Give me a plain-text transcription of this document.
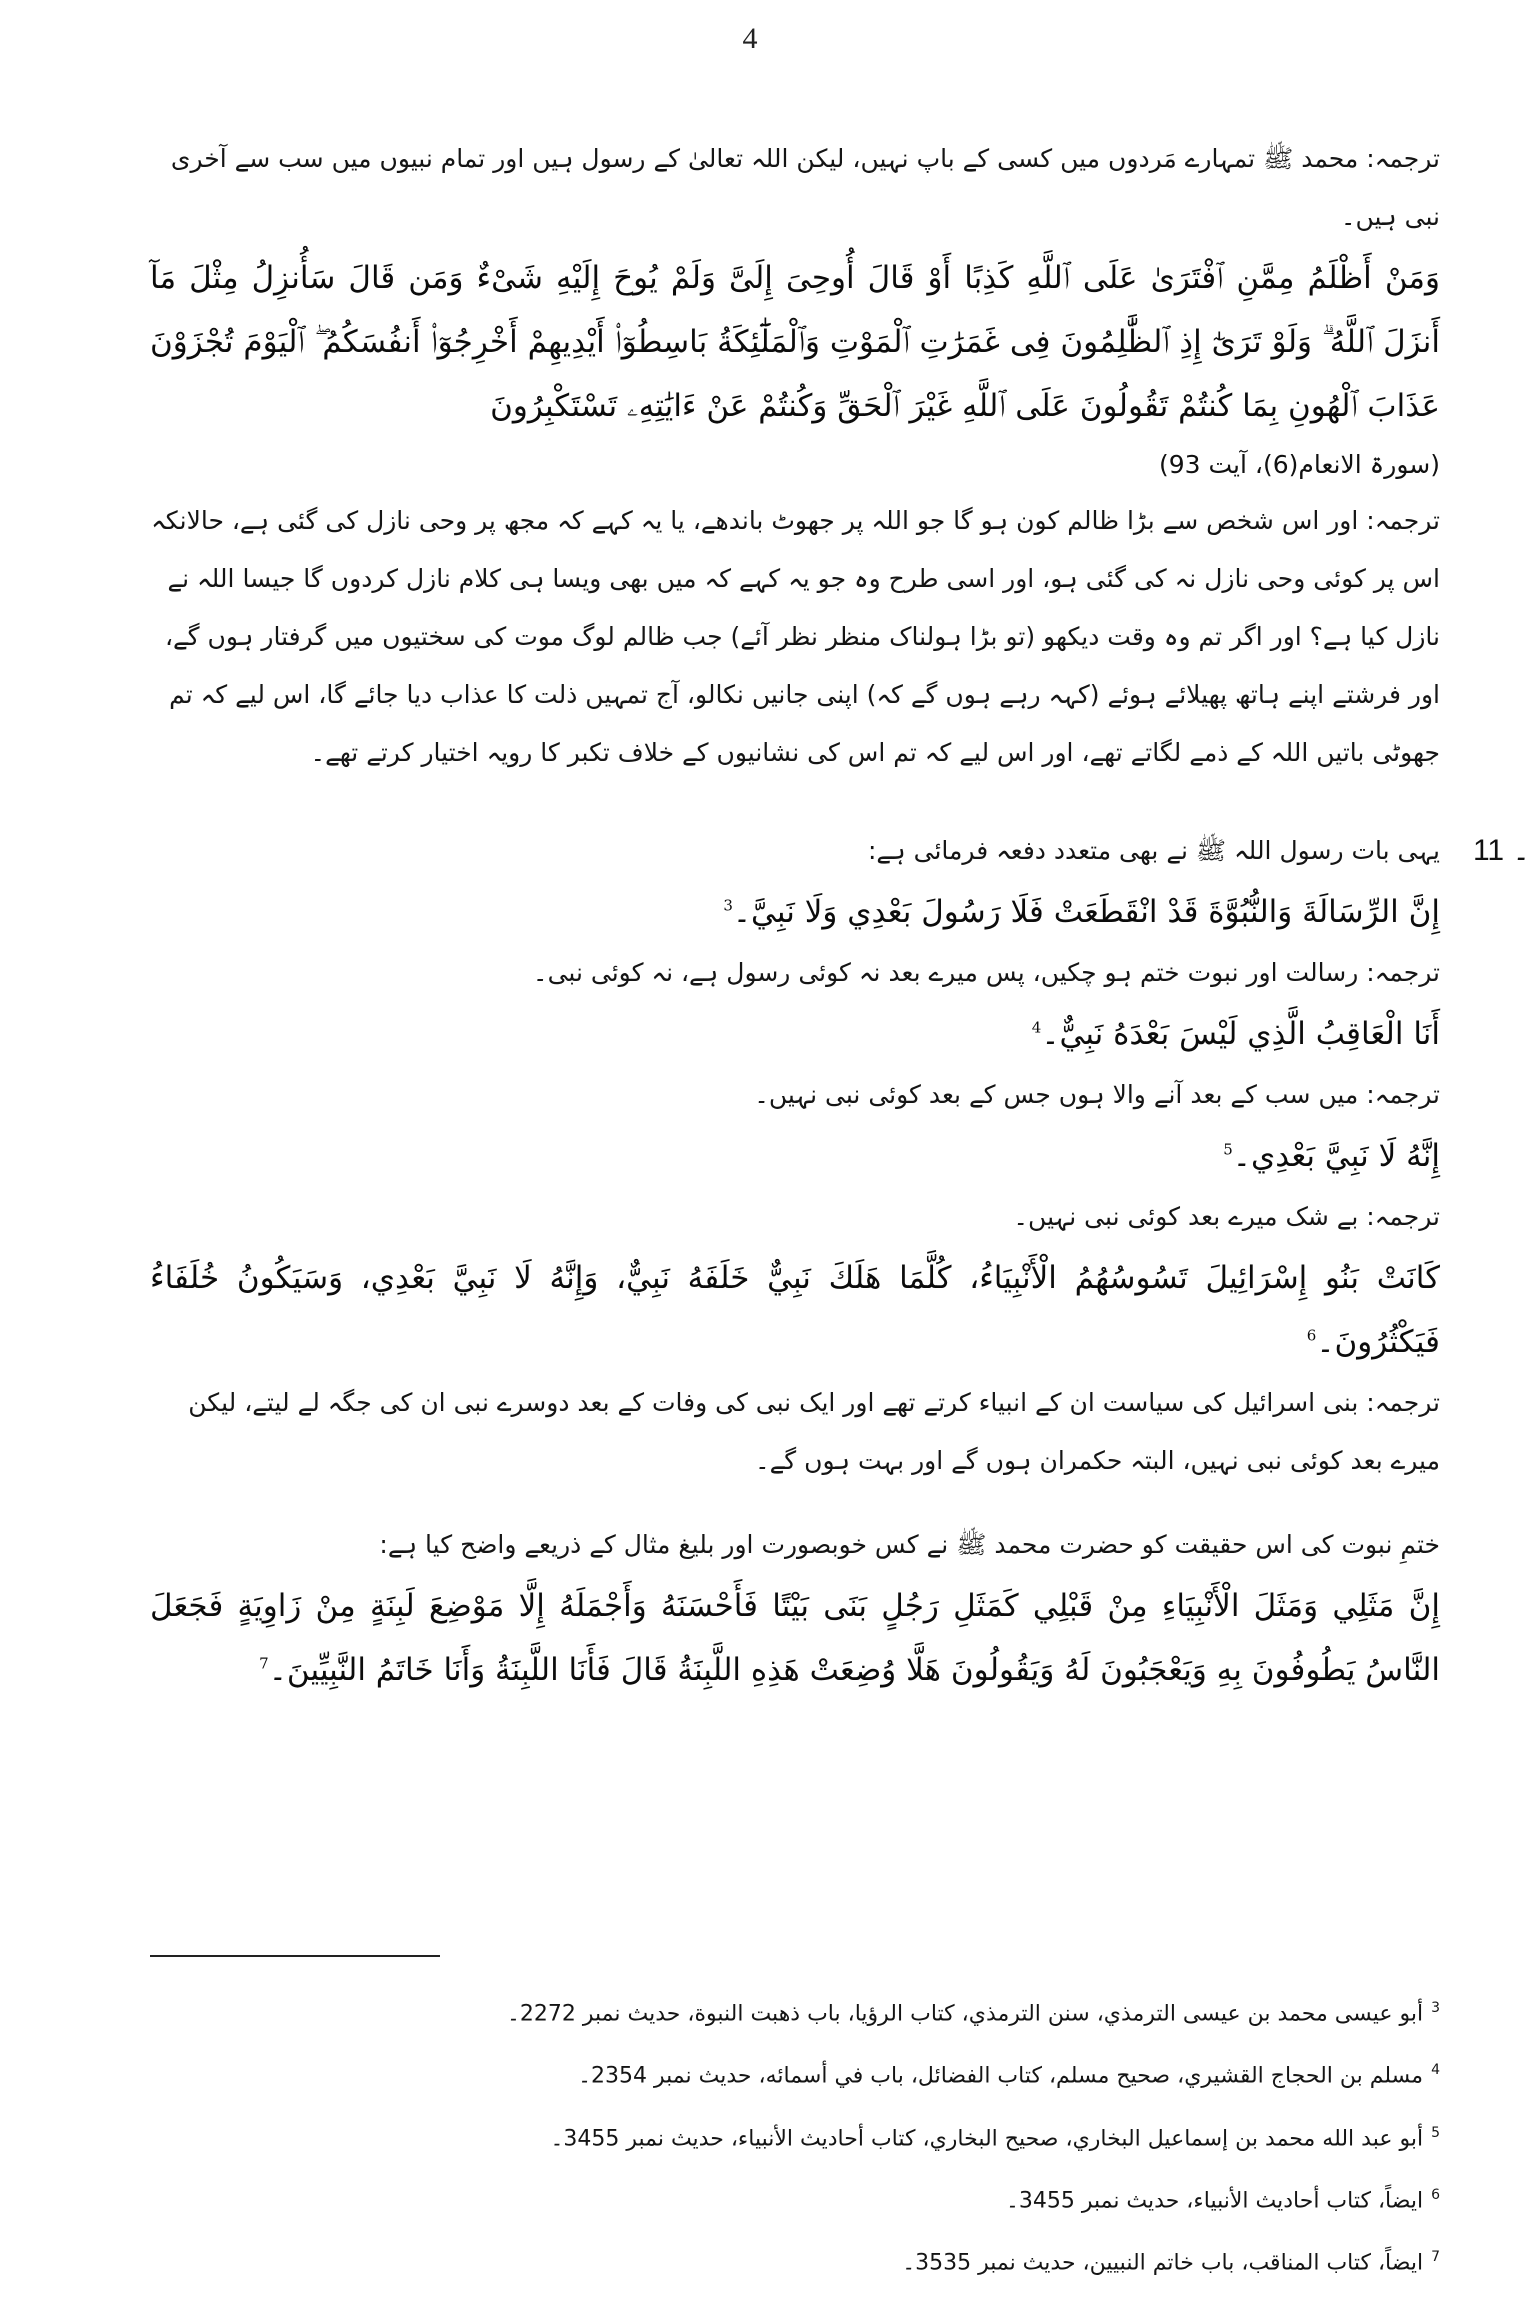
4

ترجمہ: محمد ﷺ تمہارے مَردوں میں کسی کے باپ نہیں، لیکن اللہ تعالیٰ کے رسول ہیں اور تمام نبیوں میں سب سے آخری نبی ہیں۔

وَمَنْ أَظْلَمُ مِمَّنِ ٱفْتَرَىٰ عَلَى ٱللَّهِ كَذِبًا أَوْ قَالَ أُوحِىَ إِلَىَّ وَلَمْ يُوحَ إِلَيْهِ شَىْءٌ وَمَن قَالَ سَأُنزِلُ مِثْلَ مَآ أَنزَلَ ٱللَّهُ ۗ وَلَوْ تَرَىٰٓ إِذِ ٱلظَّٰلِمُونَ فِى غَمَرَٰتِ ٱلْمَوْتِ وَٱلْمَلَٰٓئِكَةُ بَاسِطُوٓا۟ أَيْدِيهِمْ أَخْرِجُوٓا۟ أَنفُسَكُمُ ۖ ٱلْيَوْمَ تُجْزَوْنَ عَذَابَ ٱلْهُونِ بِمَا كُنتُمْ تَقُولُونَ عَلَى ٱللَّهِ غَيْرَ ٱلْحَقِّ وَكُنتُمْ عَنْ ءَايَٰتِهِۦ تَسْتَكْبِرُونَ

(سورۃ الانعام(6)، آیت 93)

ترجمہ: اور اس شخص سے بڑا ظالم کون ہو گا جو اللہ پر جھوٹ باندھے، یا یہ کہے کہ مجھ پر وحی نازل کی گئی ہے، حالانکہ اس پر کوئی وحی نازل نہ کی گئی ہو، اور اسی طرح وہ جو یہ کہے کہ میں بھی ویسا ہی کلام نازل کردوں گا جیسا اللہ نے نازل کیا ہے؟ اور اگر تم وہ وقت دیکھو (تو بڑا ہولناک منظر نظر آئے) جب ظالم لوگ موت کی سختیوں میں گرفتار ہوں گے، اور فرشتے اپنے ہاتھ پھیلائے ہوئے (کہہ رہے ہوں گے کہ) اپنی جانیں نکالو، آج تمہیں ذلت کا عذاب دیا جائے گا، اس لیے کہ تم جھوٹی باتیں اللہ کے ذمے لگاتے تھے، اور اس لیے کہ تم اس کی نشانیوں کے خلاف تکبر کا رویہ اختیار کرتے تھے۔

11 ۔

یہی بات رسول اللہ ﷺ نے بھی متعدد دفعہ فرمائی ہے:

إِنَّ الرِّسَالَةَ وَالنُّبُوَّةَ قَدْ انْقَطَعَتْ فَلَا رَسُولَ بَعْدِي وَلَا نَبِيَّ۔$^3$

ترجمہ: رسالت اور نبوت ختم ہو چکیں، پس میرے بعد نہ کوئی رسول ہے، نہ کوئی نبی۔

أَنَا الْعَاقِبُ الَّذِي لَيْسَ بَعْدَهُ نَبِيٌّ۔$^4$

ترجمہ: میں سب کے بعد آنے والا ہوں جس کے بعد کوئی نبی نہیں۔

إِنَّهُ لَا نَبِيَّ بَعْدِي۔$^5$

ترجمہ: بے شک میرے بعد کوئی نبی نہیں۔

كَانَتْ بَنُو إِسْرَائِيلَ تَسُوسُهُمُ الْأَنْبِيَاءُ، كُلَّمَا هَلَكَ نَبِيٌّ خَلَفَهُ نَبِيٌّ، وَإِنَّهُ لَا نَبِيَّ بَعْدِي، وَسَيَكُونُ خُلَفَاءُ فَيَكْثُرُونَ۔$^6$

ترجمہ: بنی اسرائیل کی سیاست ان کے انبیاء کرتے تھے اور ایک نبی کی وفات کے بعد دوسرے نبی ان کی جگہ لے لیتے، لیکن میرے بعد کوئی نبی نہیں، البتہ حکمران ہوں گے اور بہت ہوں گے۔

ختمِ نبوت کی اس حقیقت کو حضرت محمد ﷺ نے کس خوبصورت اور بلیغ مثال کے ذریعے واضح کیا ہے:

إِنَّ مَثَلِي وَمَثَلَ الْأَنْبِيَاءِ مِنْ قَبْلِي كَمَثَلِ رَجُلٍ بَنَى بَيْتًا فَأَحْسَنَهُ وَأَجْمَلَهُ إِلَّا مَوْضِعَ لَبِنَةٍ مِنْ زَاوِيَةٍ فَجَعَلَ النَّاسُ يَطُوفُونَ بِهِ وَيَعْجَبُونَ لَهُ وَيَقُولُونَ هَلَّا وُضِعَتْ هَذِهِ اللَّبِنَةُ قَالَ فَأَنَا اللَّبِنَةُ وَأَنَا خَاتَمُ النَّبِيِّينَ۔$^7$

$^3$أبو عيسى محمد بن عيسى الترمذي، سنن الترمذي، كتاب الرؤيا، باب ذهبت النبوة، حديث نمبر 2272۔

$^4$مسلم بن الحجاج القشيري، صحيح مسلم، كتاب الفضائل، باب في أسمائه، حديث نمبر 2354۔

$^5$أبو عبد الله محمد بن إسماعيل البخاري، صحيح البخاري، كتاب أحاديث الأنبياء، حديث نمبر 3455۔

$^6$ايضاً، كتاب أحاديث الأنبياء، حديث نمبر 3455۔

$^7$ايضاً، كتاب المناقب، باب خاتم النبيين، حديث نمبر 3535۔
